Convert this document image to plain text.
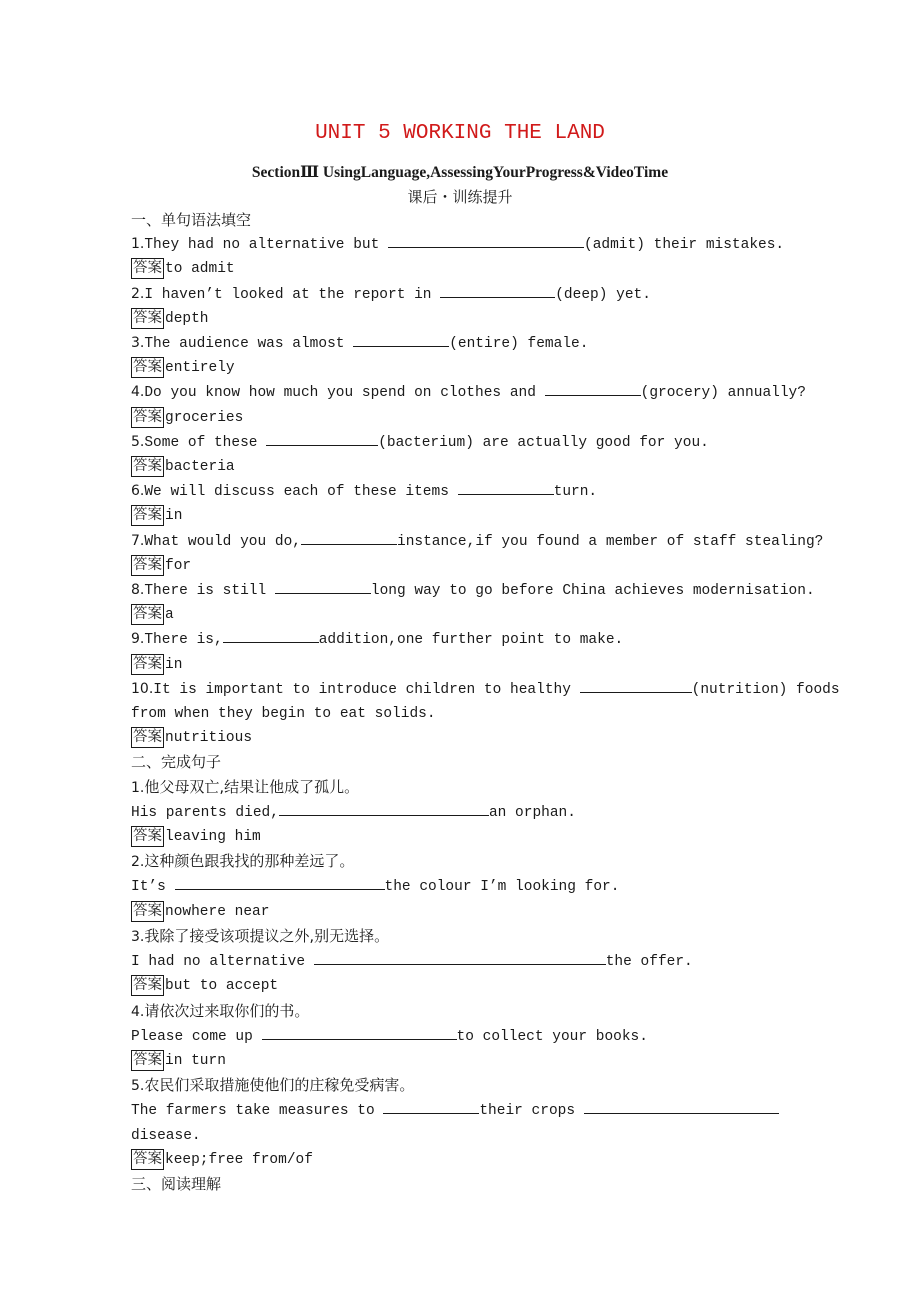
UNIT 5 WORKING THE LAND
SectionⅢ UsingLanguage,AssessingYourProgress&VideoTime
课后・训练提升
一、单句语法填空
1.They had no alternative but	(admit) their mistakes.
答案 to admit
2.I haven’t looked at the report in	(deep) yet.
答案 depth
3.The audience was almost	(entire) female.
答案 entirely
4.Do you know how much you spend on clothes and	(grocery) annually?
答案 groceries
5.Some of these	(bacterium) are actually good for you.
答案 bacteria
6.We will discuss each of these items	turn.
答案 in
7.What would you do,	instance,if you found a member of staff stealing?
答案 for
8.There is still	long way to go before China achieves modernisation.
答案 a
9.There is,	addition,one further point to make.
答案 in
10.It is important to introduce children to healthy	(nutrition) foods
from when they begin to eat solids.
答案 nutritious
二、完成句子
1.他父母双亡,结果让他成了孤儿。
His parents died,	an orphan.
答案 leaving him
2.这种颜色跟我找的那种差远了。
It’s	the colour I’m looking for.
答案 nowhere near
3.我除了接受该项提议之外,别无选择。
I had no alternative	the offer.
答案 but to accept
4.请依次过来取你们的书。
Please come up	to collect your books.
答案 in turn
5.农民们采取措施使他们的庄稼免受病害。
The farmers take measures to	their crops
disease.
答案 keep;free from/of
三、阅读理解
